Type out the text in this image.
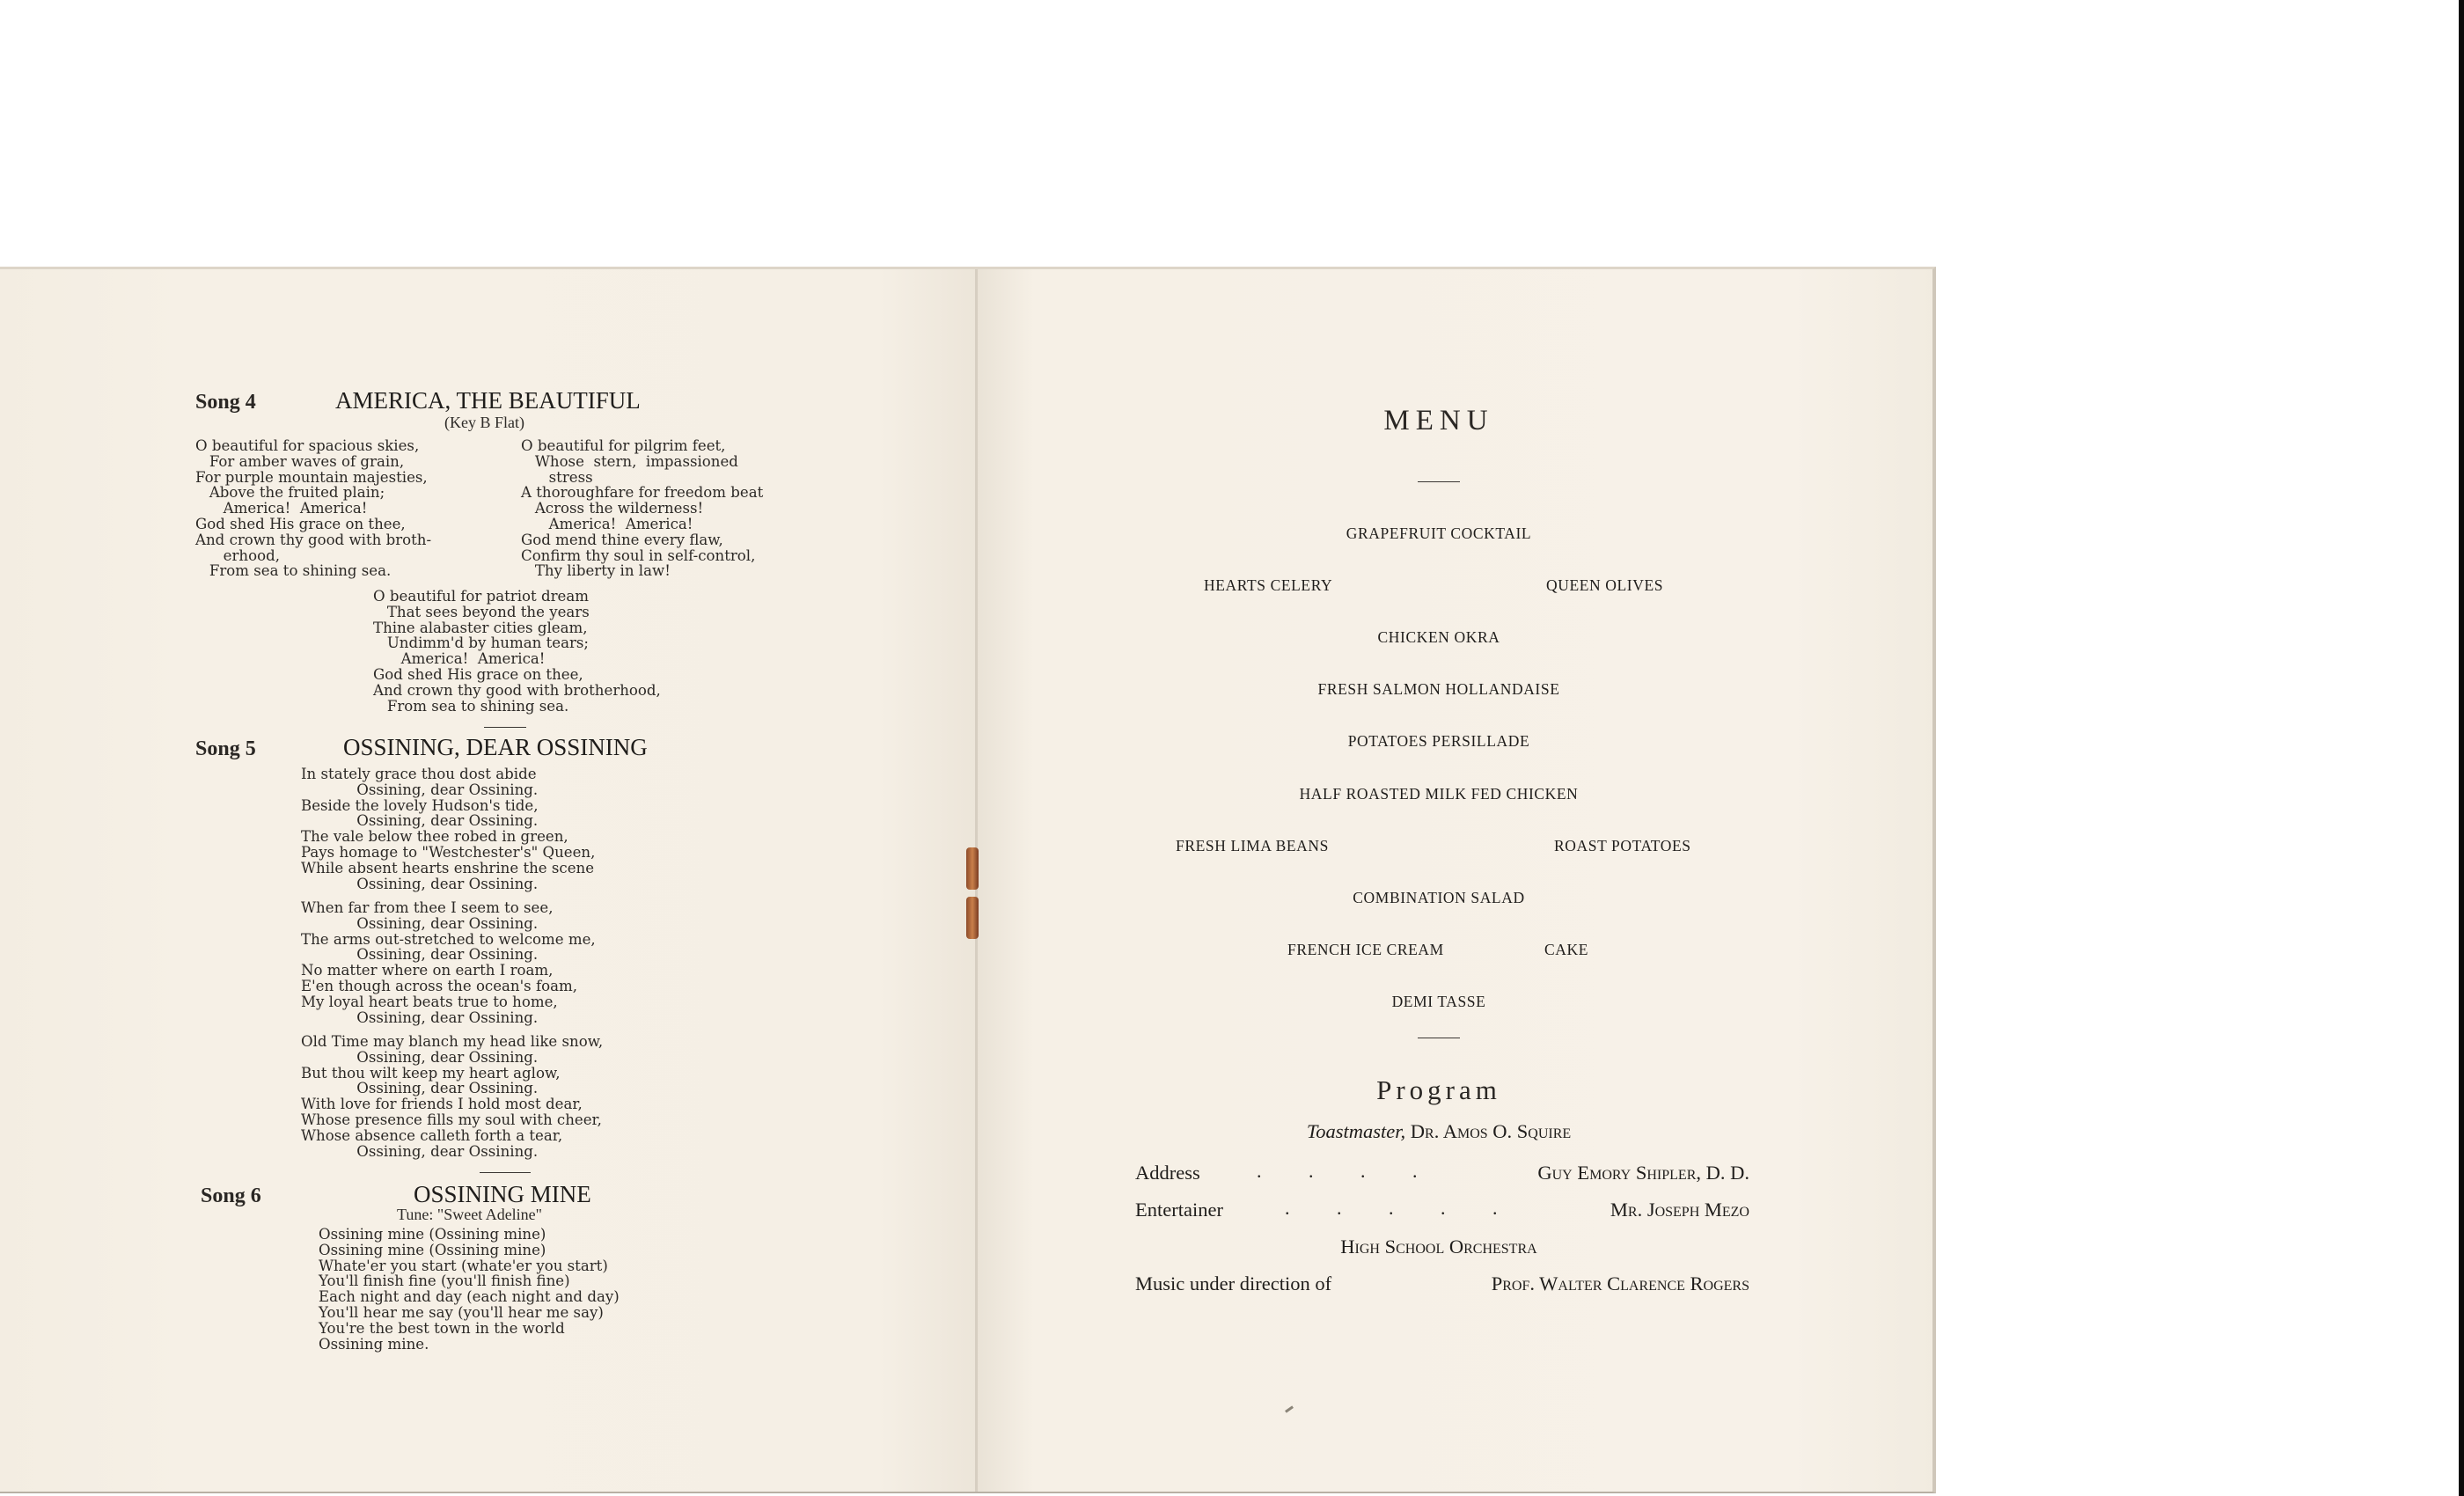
Song 4	AMERICA, THE BEAUTIFUL
(Key B Flat)
O beautiful for spacious skies,
For amber waves of grain,
For purple mountain majesties,
Above the fruited plain;
America!  America!
God shed His grace on thee,
And crown thy good with broth-
erhood,
From sea to shining sea.
O beautiful for pilgrim feet,
Whose  stern,  impassioned
stress
A thoroughfare for freedom beat
Across the wilderness!
America!  America!
God mend thine every flaw,
Confirm thy soul in self-control,
Thy liberty in law!
O beautiful for patriot dream
That sees beyond the years
Thine alabaster cities gleam,
Undimm'd by human tears;
America!  America!
God shed His grace on thee,
And crown thy good with brotherhood,
From sea to shining sea.
Song 5	OSSINING, DEAR OSSINING
In stately grace thou dost abide
Ossining, dear Ossining.
Beside the lovely Hudson's tide,
Ossining, dear Ossining.
The vale below thee robed in green,
Pays homage to "Westchester's" Queen,
While absent hearts enshrine the scene
Ossining, dear Ossining.
When far from thee I seem to see,
Ossining, dear Ossining.
The arms out-stretched to welcome me,
Ossining, dear Ossining.
No matter where on earth I roam,
E'en though across the ocean's foam,
My loyal heart beats true to home,
Ossining, dear Ossining.
Old Time may blanch my head like snow,
Ossining, dear Ossining.
But thou wilt keep my heart aglow,
Ossining, dear Ossining.
With love for friends I hold most dear,
Whose presence fills my soul with cheer,
Whose absence calleth forth a tear,
Ossining, dear Ossining.
Song 6	OSSINING MINE
Tune: "Sweet Adeline"
Ossining mine (Ossining mine)
Ossining mine (Ossining mine)
Whate'er you start (whate'er you start)
You'll finish fine (you'll finish fine)
Each night and day (each night and day)
You'll hear me say (you'll hear me say)
You're the best town in the world
Ossining mine.
MENU
GRAPEFRUIT COCKTAIL
HEARTS CELERY	QUEEN OLIVES
CHICKEN OKRA
FRESH SALMON HOLLANDAISE
POTATOES PERSILLADE
HALF ROASTED MILK FED CHICKEN
FRESH LIMA BEANS	ROAST POTATOES
COMBINATION SALAD
FRENCH ICE CREAM	CAKE
DEMI TASSE
Program
Toastmaster, Dr. Amos O. Squire
Address	. . . .	Guy Emory Shipler, D. D.
Entertainer	. . . . .	Mr. Joseph Mezo
High School Orchestra
Music under direction of	Prof. Walter Clarence Rogers
